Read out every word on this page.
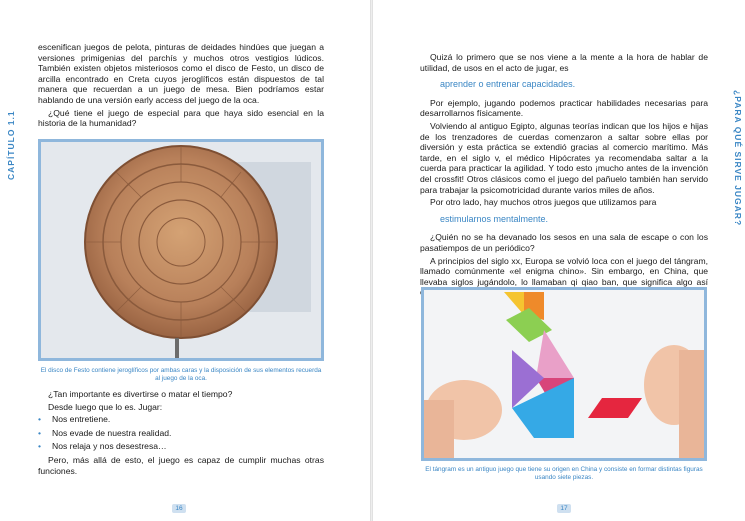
CAPÍTULO 1.1

escenifican juegos de pelota, pinturas de deidades hindúes que juegan a versiones primigenias del parchís y muchos otros vestigios lúdicos. También existen objetos misteriosos como el disco de Festo, un disco de arcilla encontrado en Creta cuyos jeroglíficos están dispuestos de tal manera que recuerdan a un juego de mesa. Bien podríamos estar hablando de una versión early access del juego de la oca.

¿Qué tiene el juego de especial para que haya sido esencial en la historia de la humanidad?

El disco de Festo contiene jeroglíficos por ambas caras y la disposición de sus elementos recuerda al juego de la oca.

¿Tan importante es divertirse o matar el tiempo?

Desde luego que lo es. Jugar:

• Nos entretiene.
• Nos evade de nuestra realidad.
• Nos relaja y nos desestresa…

Pero, más allá de esto, el juego es capaz de cumplir muchas otras funciones.

16
¿PARA QUÉ SIRVE JUGAR?

Quizá lo primero que se nos viene a la mente a la hora de hablar de utilidad, de usos en el acto de jugar, es

aprender o entrenar capacidades.

Por ejemplo, jugando podemos practicar habilidades necesarias para desarrollarnos físicamente.

Volviendo al antiguo Egipto, algunas teorías indican que los hijos e hijas de los trenzadores de cuerdas comenzaron a saltar sobre ellas por diversión y esta práctica se extendió gracias al comercio marítimo. Más tarde, en el siglo v, el médico Hipócrates ya recomendaba saltar a la cuerda para practicar la agilidad. Y todo esto ¡mucho antes de la invención del crossfit! Otros clásicos como el juego del pañuelo también han servido para trabajar la psicomotricidad durante varios miles de años.

Por otro lado, hay muchos otros juegos que utilizamos para

estimularnos mentalmente.

¿Quién no se ha devanado los sesos en una sala de escape o con los pasatiempos de un periódico?

A principios del siglo xx, Europa se volvió loca con el juego del tángram, llamado comúnmente «el enigma chino». Sin embargo, en China, que llevaba siglos jugándolo, lo llamaban qi qiao ban, que significa algo así

El tángram es un antiguo juego que tiene su origen en China y consiste en formar distintas figuras usando siete piezas.
17
